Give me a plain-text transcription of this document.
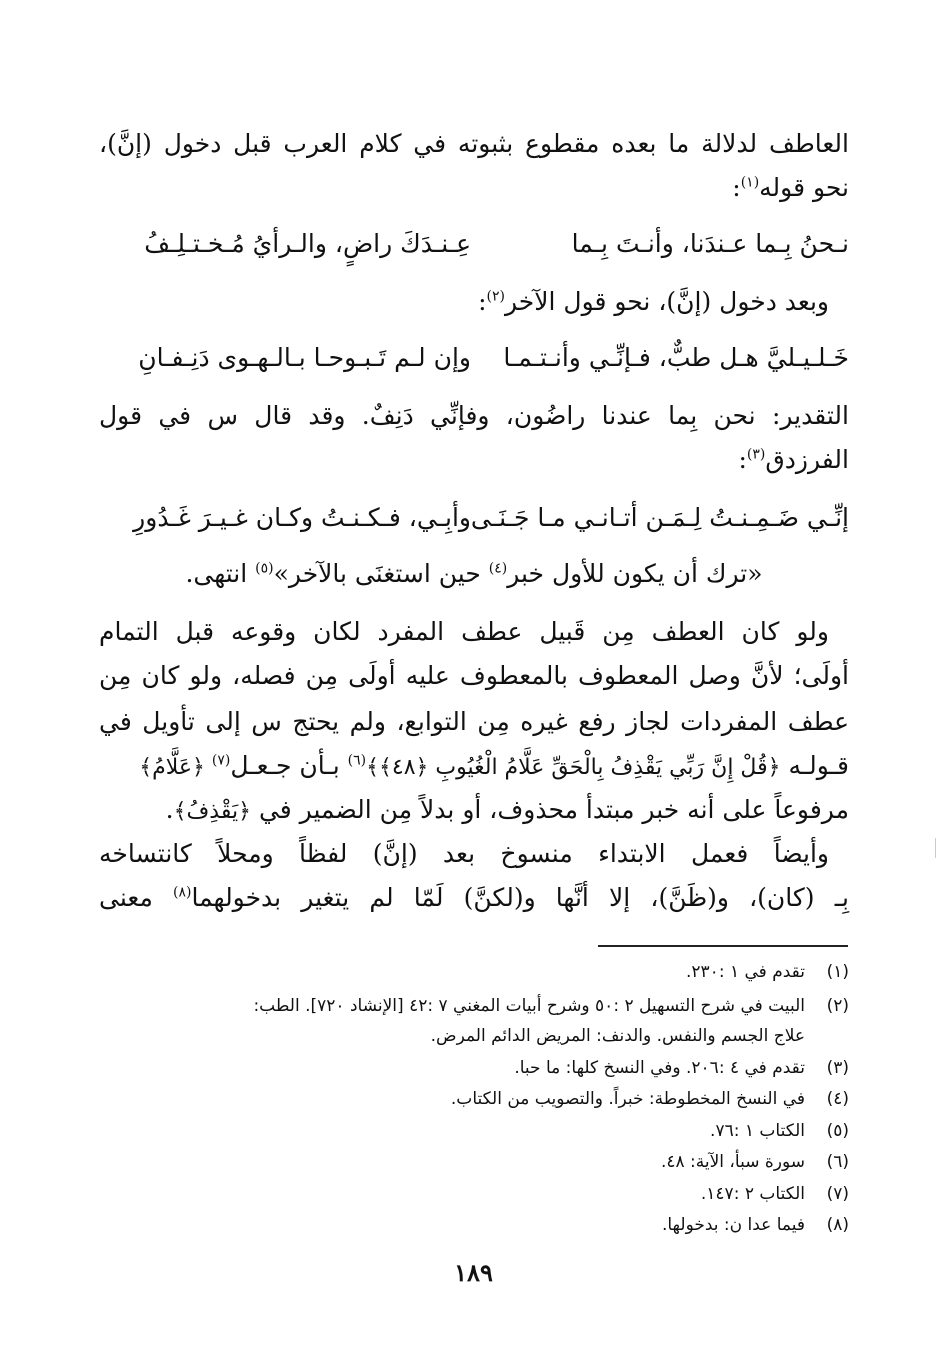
العاطف لدلالة ما بعده مقطوع بثبوته في كلام العرب قبل دخول (إنَّ)،
نحو قوله$^{(١)}$:
نـحنُ بِـما عـندَنا، وأنـتَ بِـما
عِـنـدَكَ راضٍ، والـرأيُ مُـخـتـلِـفُ
وبعد دخول (إنَّ)، نحو قول الآخر$^{(٢)}$:
خَـلـيـليَّ هـل طبٌّ، فـإنِّـي وأنـتـمـا
وإن لـم تَـبـوحـا بـالـهـوى دَنِـفـانِ
التقدير: نحن بِما عندنا راضُون، وفإنِّي دَنِفٌ. وقد قال س في قول
الفرزدق$^{(٣)}$:
إنِّـي ضَـمِـنـتُ لِـمَـن أتـانـي مـا جَـنَـى
وأبِـي، فـكـنـتُ وكـان غـيـرَ غَـدُورِ
«ترك أن يكون للأول خبر$^{(٤)}$ حين استغنَى بالآخر»$^{(٥)}$ انتهى.
ولو كان العطف مِن قَبيل عطف المفرد لكان وقوعه قبل التمام
أولَى؛ لأنَّ وصل المعطوف بالمعطوف عليه أولَى مِن فصله، ولو كان مِن
عطف المفردات لجاز رفع غيره مِن التوابع، ولم يحتج س إلى تأويل في
قـولـه ﴿قُلْ إِنَّ رَبِّي يَقْذِفُ بِالْحَقِّ عَلَّامُ الْغُيُوبِ ﴿٤٨﴾﴾$^{(٦)}$ بـأن جـعـل$^{(٧)}$ ﴿عَلَّامُ﴾
مرفوعاً على أنه خبر مبتدأ محذوف، أو بدلاً مِن الضمير في ﴿يَقْذِفُ﴾.
وأيضاً فعمل الابتداء منسوخ بعد (إنَّ) لفظاً ومحلاً كانتساخه
بِـ (كان)، و(ظَنَّ)، إلا أنَّها و(لكنَّ) لَمّا لم يتغير بدخولهما$^{(٨)}$ معنى
(١)تقدم في ١ :٢٣٠.
(٢)البيت في شرح التسهيل ٢ :٥٠ وشرح أبيات المغني ٧ :٤٢ [الإنشاد ٧٢٠]. الطب:
علاج الجسم والنفس. والدنف: المريض الدائم المرض.
(٣)تقدم في ٤ :٢٠٦. وفي النسخ كلها: ما حبا.
(٤)في النسخ المخطوطة: خبراً. والتصويب من الكتاب.
(٥)الكتاب ١ :٧٦.
(٦)سورة سبأ، الآية: ٤٨.
(٧)الكتاب ٢ :١٤٧.
(٨)فيما عدا ن: بدخولها.
١٨٩
